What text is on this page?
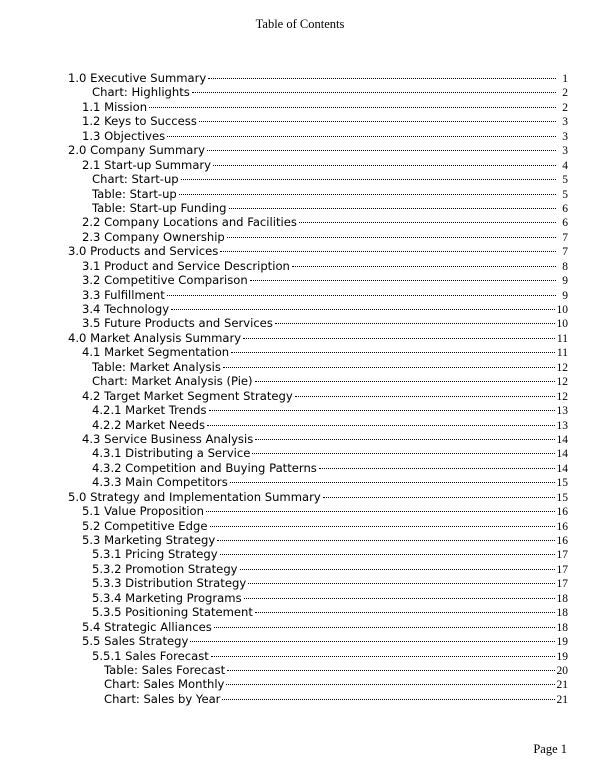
Table of Contents
1.0 Executive Summary	1
Chart: Highlights	2
1.1 Mission	2
1.2 Keys to Success	3
1.3 Objectives	3
2.0 Company Summary	3
2.1 Start-up Summary	4
Chart: Start-up	5
Table: Start-up	5
Table: Start-up Funding	6
2.2 Company Locations and Facilities	6
2.3 Company Ownership	7
3.0 Products and Services	7
3.1 Product and Service Description	8
3.2 Competitive Comparison	9
3.3 Fulfillment	9
3.4 Technology	10
3.5 Future Products and Services	10
4.0 Market Analysis Summary	11
4.1 Market Segmentation	11
Table: Market Analysis	12
Chart: Market Analysis (Pie)	12
4.2 Target Market Segment Strategy	12
4.2.1 Market Trends	13
4.2.2 Market Needs	13
4.3 Service Business Analysis	14
4.3.1 Distributing a Service	14
4.3.2 Competition and Buying Patterns	14
4.3.3 Main Competitors	15
5.0 Strategy and Implementation Summary	15
5.1 Value Proposition	16
5.2 Competitive Edge	16
5.3 Marketing Strategy	16
5.3.1 Pricing Strategy	17
5.3.2 Promotion Strategy	17
5.3.3 Distribution Strategy	17
5.3.4 Marketing Programs	18
5.3.5 Positioning Statement	18
5.4 Strategic Alliances	18
5.5 Sales Strategy	19
5.5.1 Sales Forecast	19
Table: Sales Forecast	20
Chart: Sales Monthly	21
Chart: Sales by Year	21
Page 1
